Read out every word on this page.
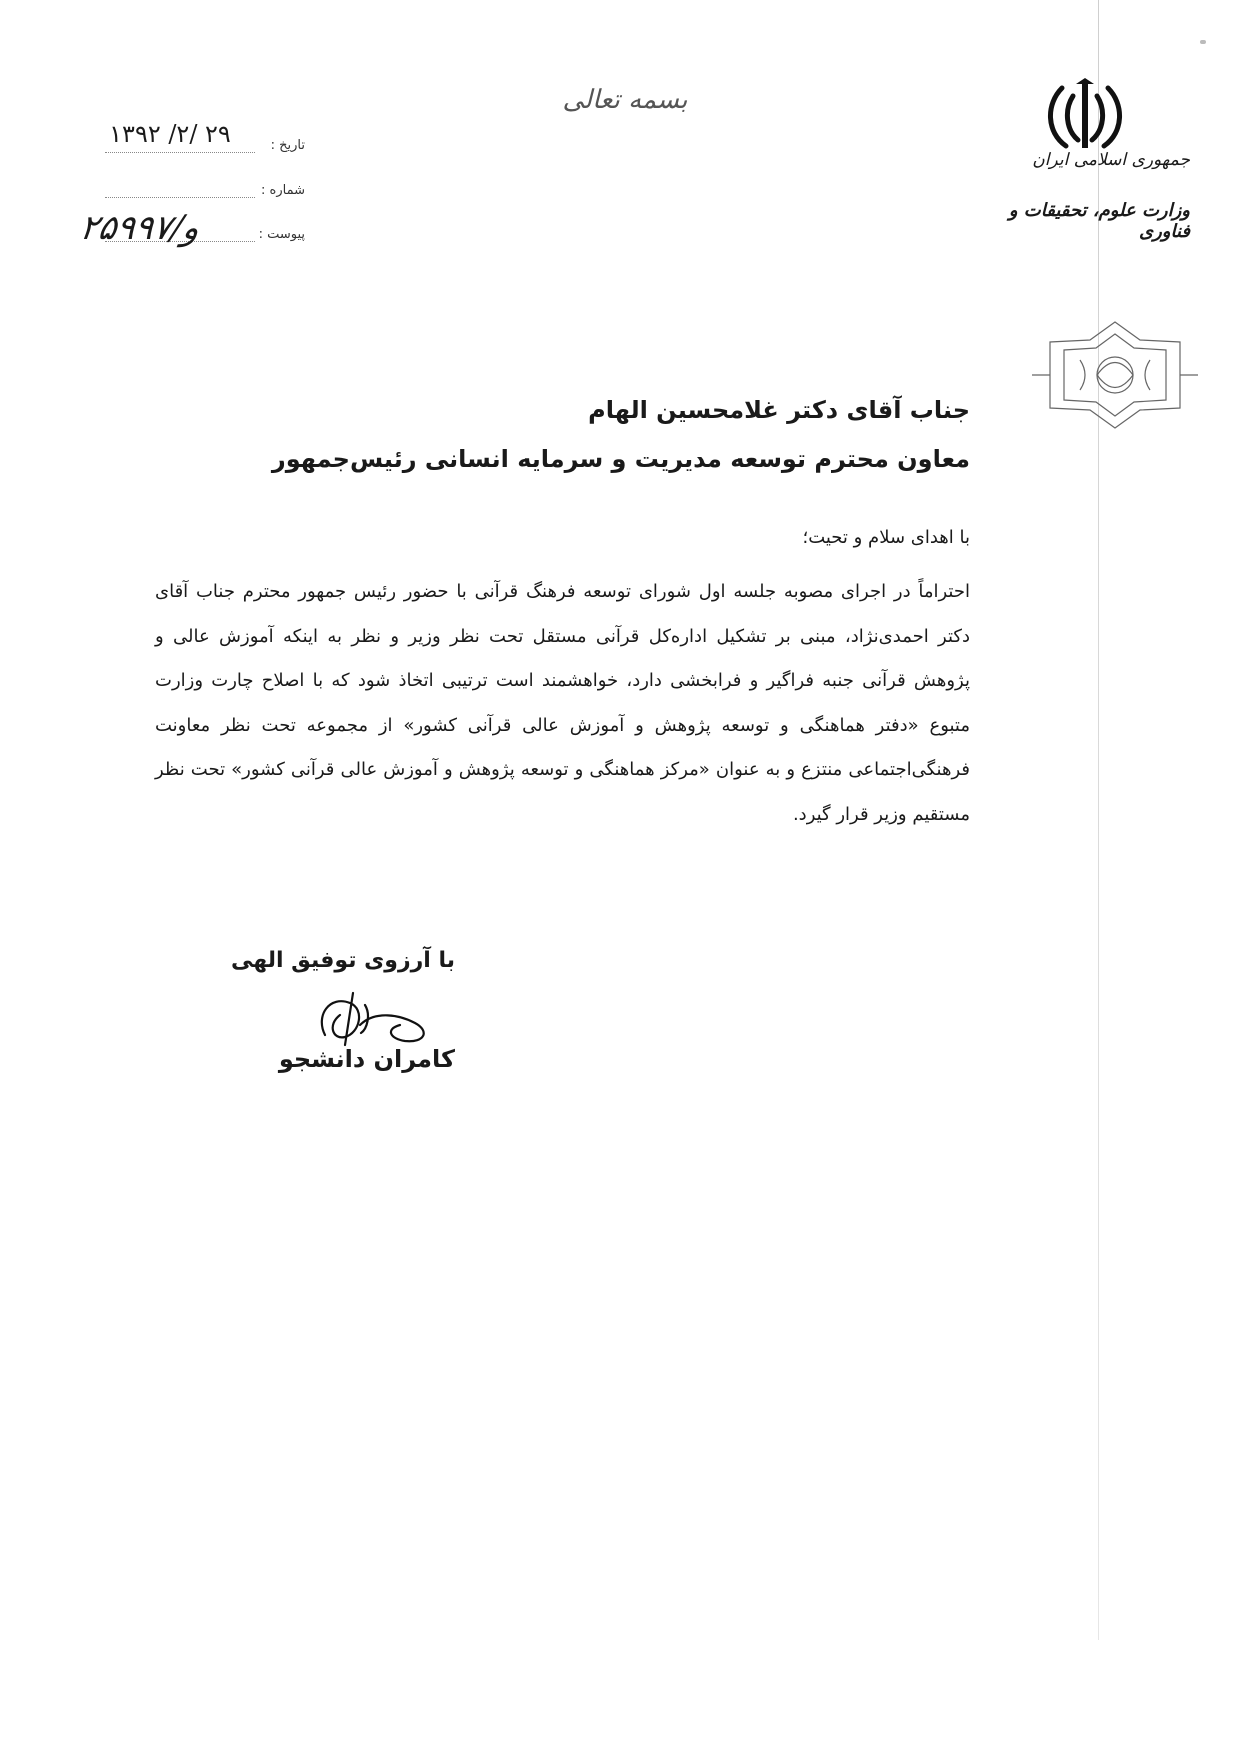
جمهوری اسلامی ایران
وزارت علوم، تحقیقات و فناوری
بسمه تعالی
۱۳۹۲ /۲/ ۲۹	تاریخ :
شماره :
پیوست :
۲۵۹۹۷/و
جناب آقای دکتر غلامحسین الهام
معاون محترم توسعه مدیریت و سرمایه انسانی رئیس‌جمهور
با اهدای سلام و تحیت؛
احتراماً در اجرای مصوبه جلسه اول شورای توسعه فرهنگ قرآنی با حضور رئیس جمهور محترم جناب آقای دکتر احمدی‌نژاد، مبنی بر تشکیل اداره‌کل قرآنی مستقل تحت نظر وزیر و نظر به اینکه آموزش عالی و پژوهش قرآنی جنبه فراگیر و فرابخشی دارد، خواهشمند است ترتیبی اتخاذ شود که با اصلاح چارت وزارت متبوع «دفتر هماهنگی و توسعه پژوهش و آموزش عالی قرآنی کشور» از مجموعه تحت نظر معاونت فرهنگی‌اجتماعی منتزع و به عنوان «مرکز هماهنگی و توسعه پژوهش و آموزش عالی قرآنی کشور» تحت نظر مستقیم وزیر قرار گیرد.
با آرزوی توفیق الهی
کامران دانشجو
